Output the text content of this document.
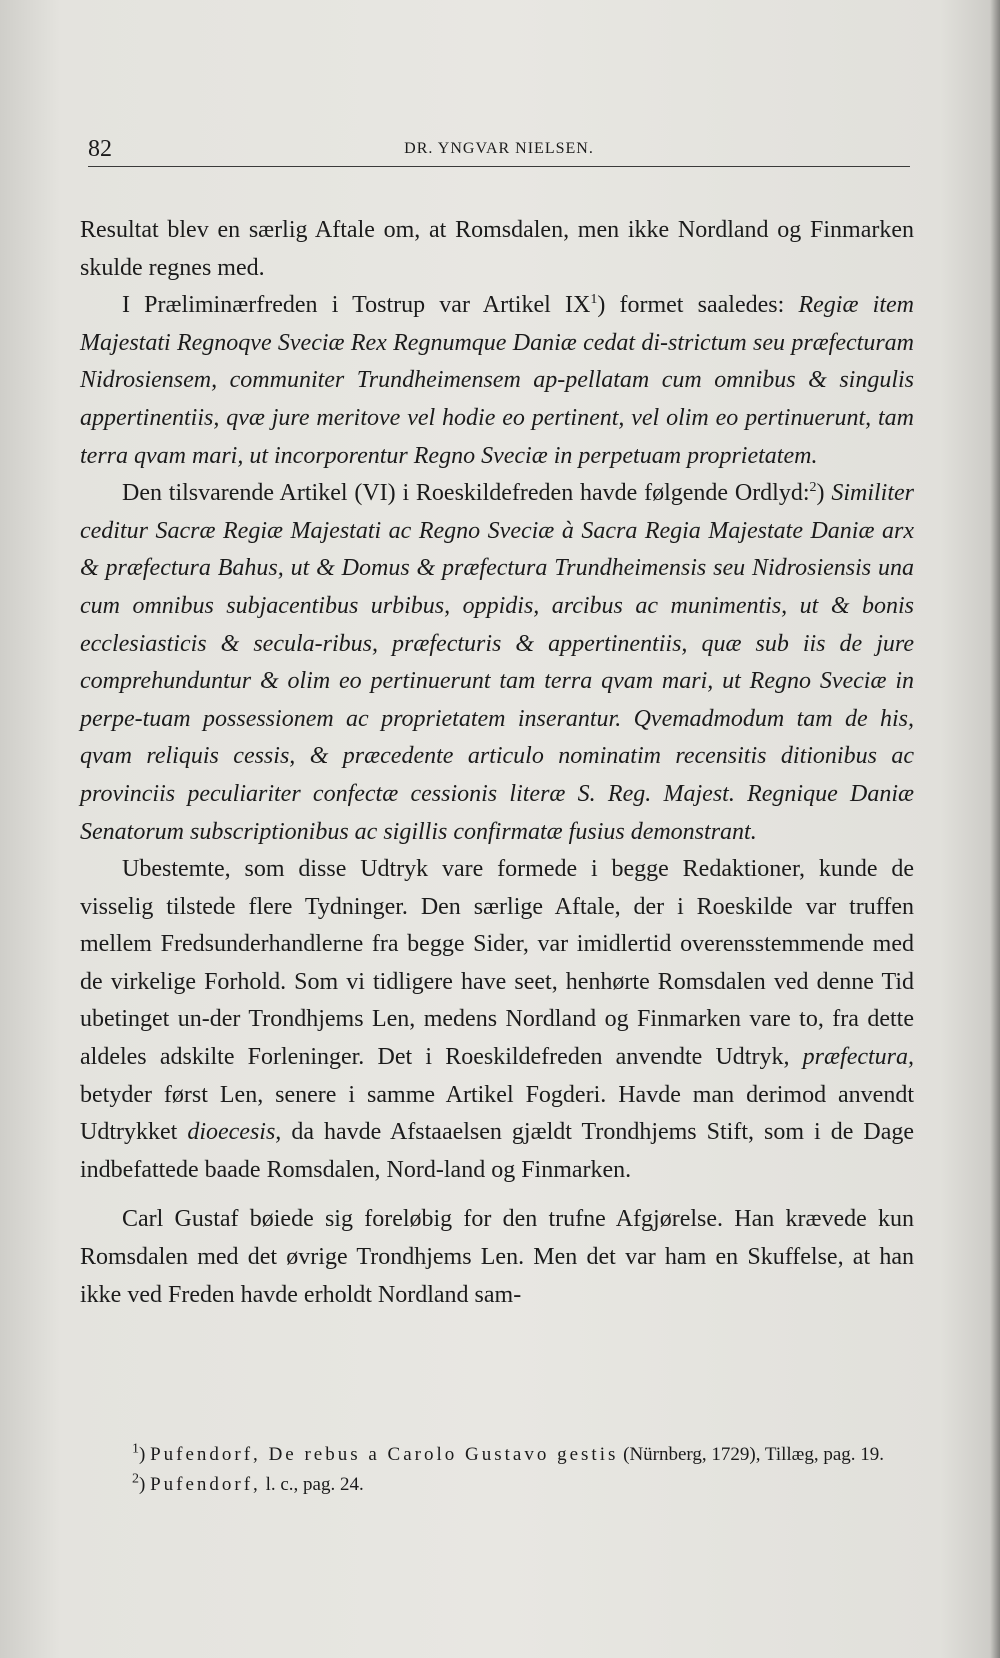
82	DR. YNGVAR NIELSEN.

Resultat blev en særlig Aftale om, at Romsdalen, men ikke Nordland og Finmarken skulde regnes med.

I Præliminærfreden i Tostrup var Artikel $IX^1$) formet saaledes: Regiæ item Majestati Regnoqve Sveciæ Rex Regnumque Daniæ cedat di-strictum seu præfecturam Nidrosiensem, communiter Trundheimensem ap-pellatam cum omnibus & singulis appertinentiis, qvæ jure meritove vel hodie eo pertinent, vel olim eo pertinuerunt, tam terra qvam mari, ut incorporentur Regno Sveciæ in perpetuam proprietatem.

Den tilsvarende Artikel (VI) i Roeskildefreden havde følgende Ordlyd:$^2$) Similiter ceditur Sacræ Regiæ Majestati ac Regno Sveciæ à Sacra Regia Majestate Daniæ arx & præfectura Bahus, ut & Domus & præfectura Trundheimensis seu Nidrosiensis una cum omnibus subjacentibus urbibus, oppidis, arcibus ac munimentis, ut & bonis ecclesiasticis & secula-ribus, præfecturis & appertinentiis, quæ sub iis de jure comprehunduntur & olim eo pertinuerunt tam terra qvam mari, ut Regno Sveciæ in perpe-tuam possessionem ac proprietatem inserantur. Qvemadmodum tam de his, qvam reliquis cessis, & præcedente articulo nominatim recensitis ditionibus ac provinciis peculiariter confectæ cessionis literæ S. Reg. Majest. Regnique Daniæ Senatorum subscriptionibus ac sigillis confirmatæ fusius demonstrant.

Ubestemte, som disse Udtryk vare formede i begge Redaktioner, kunde de visselig tilstede flere Tydninger. Den særlige Aftale, der i Roeskilde var truffen mellem Fredsunderhandlerne fra begge Sider, var imidlertid overensstemmende med de virkelige Forhold. Som vi tidligere have seet, henhørte Romsdalen ved denne Tid ubetinget un-der Trondhjems Len, medens Nordland og Finmarken vare to, fra dette aldeles adskilte Forleninger. Det i Roeskildefreden anvendte Udtryk, præfectura, betyder først Len, senere i samme Artikel Fogderi. Havde man derimod anvendt Udtrykket dioecesis, da havde Afstaaelsen gjældt Trondhjems Stift, som i de Dage indbefattede baade Romsdalen, Nord-land og Finmarken.

Carl Gustaf bøiede sig foreløbig for den trufne Afgjørelse. Han krævede kun Romsdalen med det øvrige Trondhjems Len. Men det var ham en Skuffelse, at han ikke ved Freden havde erholdt Nordland sam-

$^1$) Pufendorf, De rebus a Carolo Gustavo gestis (Nürnberg, 1729), Tillæg, pag. 19.

$^2$) Pufendorf, l. c., pag. 24.
